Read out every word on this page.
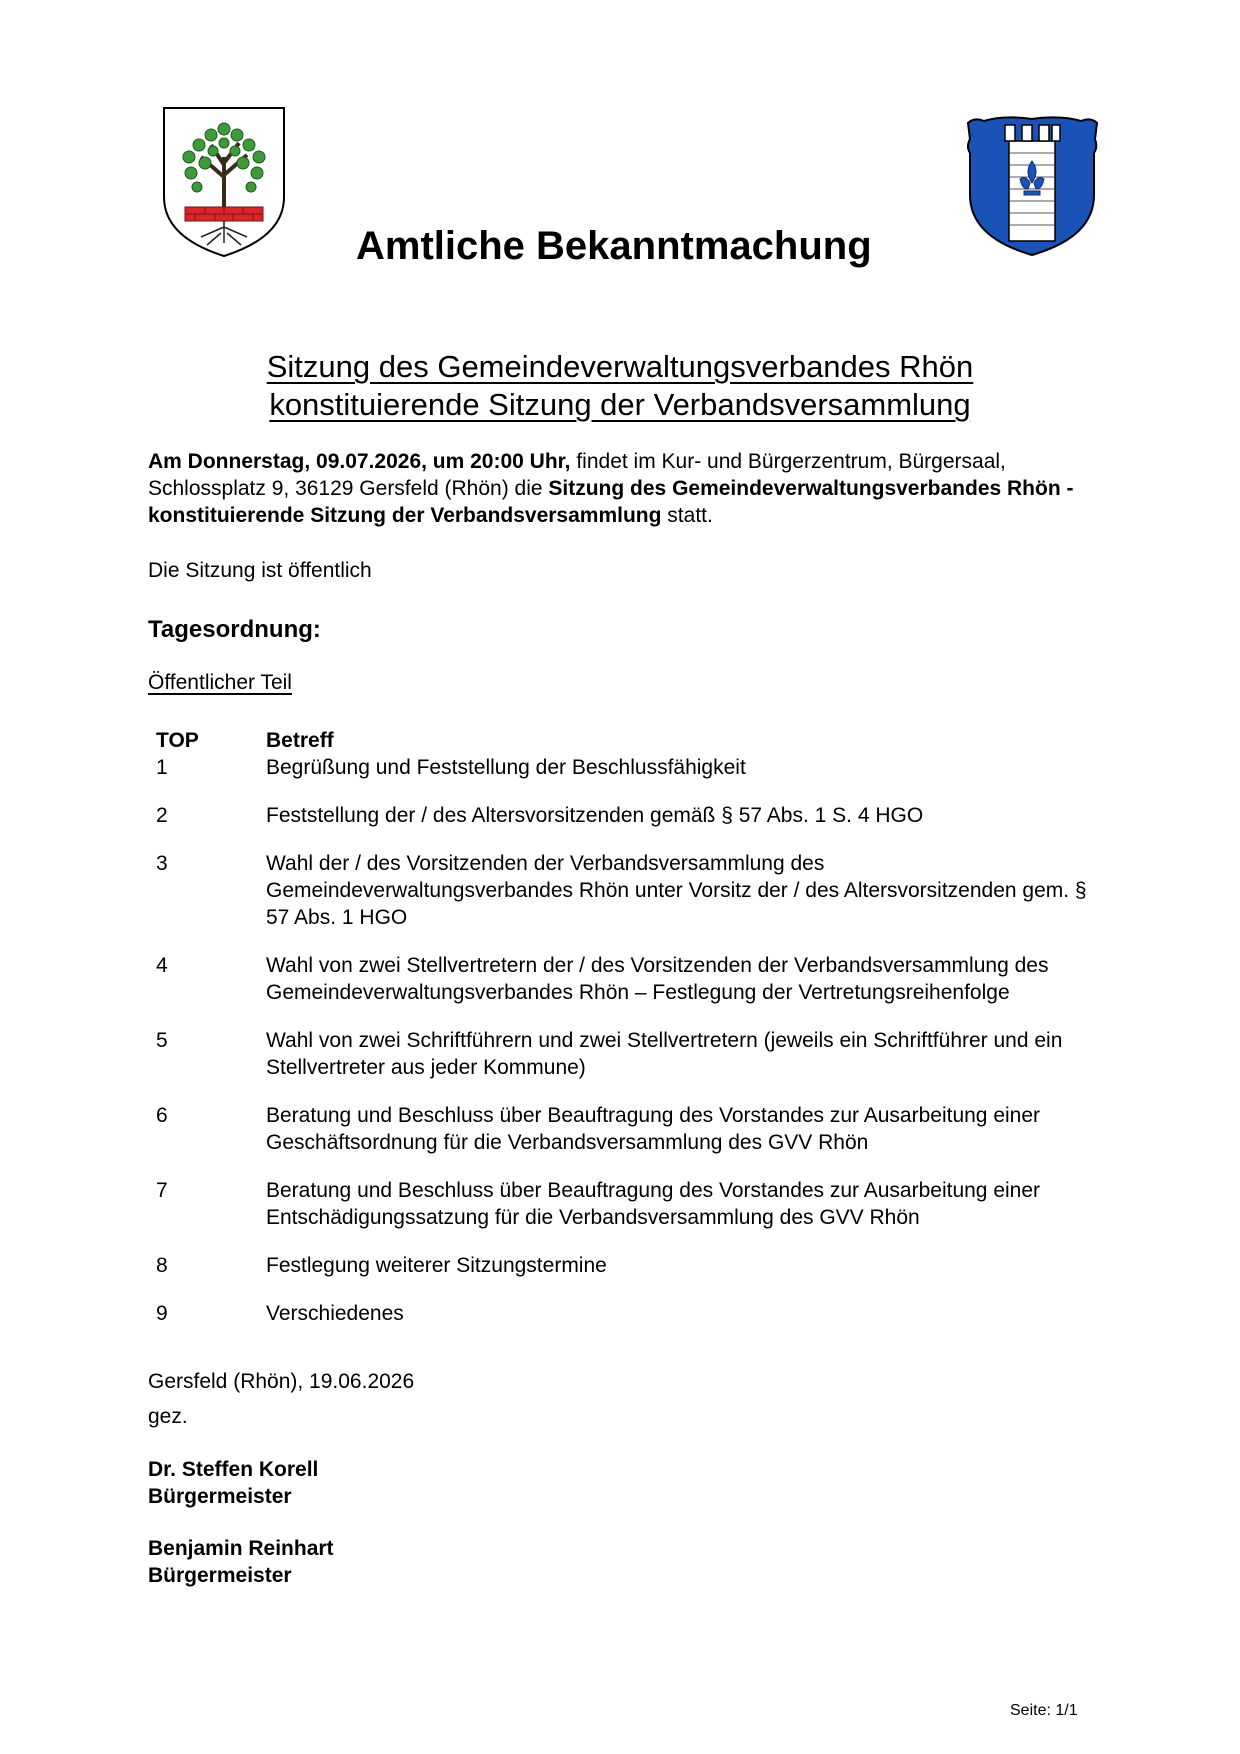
Amtliche Bekanntmachung
Sitzung des Gemeindeverwaltungsverbandes Rhön
konstituierende Sitzung der Verbandsversammlung
Am Donnerstag, 09.07.2026, um 20:00 Uhr, findet im Kur- und Bürgerzentrum, Bürgersaal, Schlossplatz 9, 36129 Gersfeld (Rhön) die Sitzung des Gemeindeverwaltungsverbandes Rhön - konstituierende Sitzung der Verbandsversammlung statt.
Die Sitzung ist öffentlich
Tagesordnung:
Öffentlicher Teil
TOP	Betreff
1	Begrüßung und Feststellung der Beschlussfähigkeit
2	Feststellung der / des Altersvorsitzenden gemäß § 57 Abs. 1 S. 4 HGO
3	Wahl der / des Vorsitzenden der Verbandsversammlung des Gemeindeverwaltungsverbandes Rhön unter Vorsitz der / des Altersvorsitzenden gem. § 57 Abs. 1 HGO
4	Wahl von zwei Stellvertretern der / des Vorsitzenden der Verbandsversammlung des Gemeindeverwaltungsverbandes Rhön – Festlegung der Vertretungsreihenfolge
5	Wahl von zwei Schriftführern und zwei Stellvertretern (jeweils ein Schriftführer und ein Stellvertreter aus jeder Kommune)
6	Beratung und Beschluss über Beauftragung des Vorstandes zur Ausarbeitung einer Geschäftsordnung für die Verbandsversammlung des GVV Rhön
7	Beratung und Beschluss über Beauftragung des Vorstandes zur Ausarbeitung einer Entschädigungssatzung für die Verbandsversammlung des GVV Rhön
8	Festlegung weiterer Sitzungstermine
9	Verschiedenes
Gersfeld (Rhön), 19.06.2026
gez.
Dr. Steffen Korell
Bürgermeister
Benjamin Reinhart
Bürgermeister
Seite: 1/1
